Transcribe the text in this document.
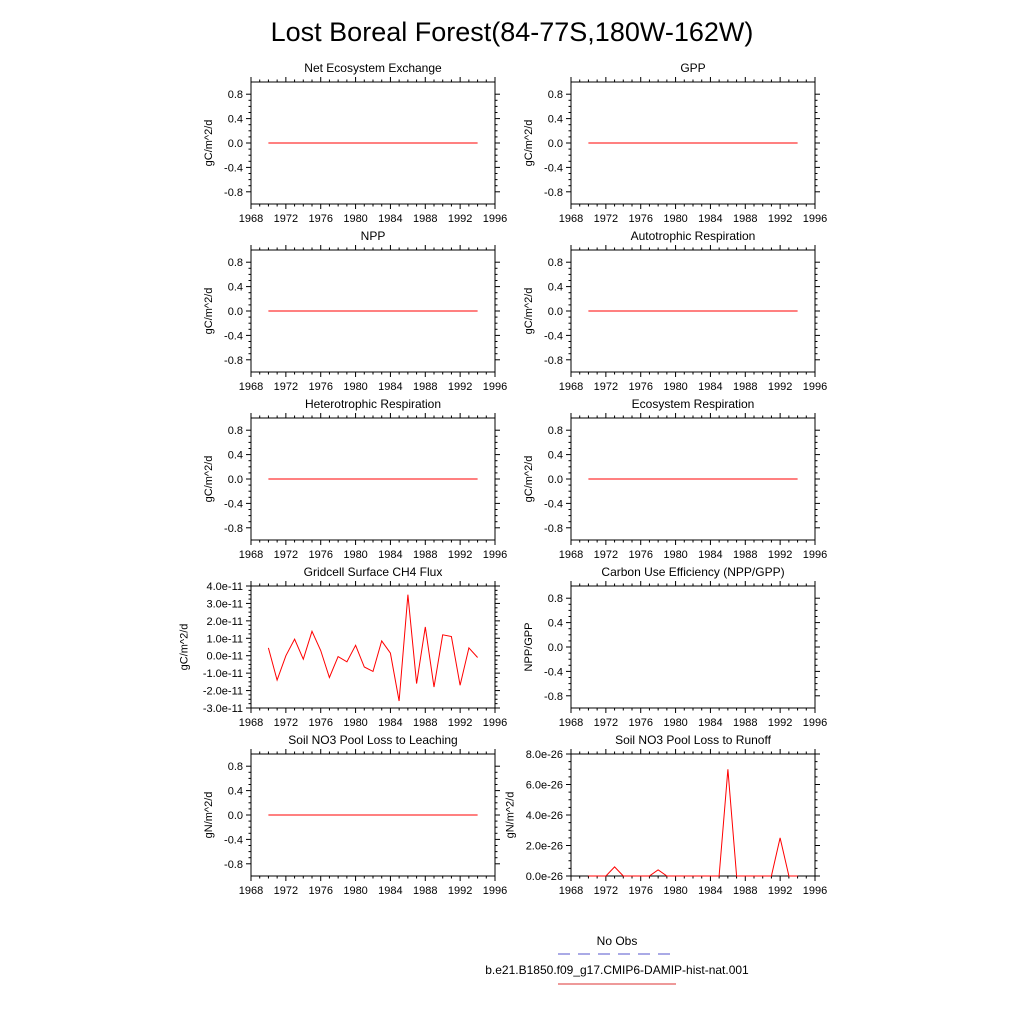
Lost Boreal Forest(84-77S,180W-162W)
Net Ecosystem Exchange
1968 1972 1976 1980 1984 1988 1992 1996
-0.8
-0.4
0.0
0.4
0.8
gC/m^2/d
GPP
1968 1972 1976 1980 1984 1988 1992 1996
-0.8
-0.4
0.0
0.4
0.8
gC/m^2/d
NPP
1968 1972 1976 1980 1984 1988 1992 1996
-0.8
-0.4
0.0
0.4
0.8
gC/m^2/d
Autotrophic Respiration
1968 1972 1976 1980 1984 1988 1992 1996
-0.8
-0.4
0.0
0.4
0.8
gC/m^2/d
Heterotrophic Respiration
1968 1972 1976 1980 1984 1988 1992 1996
-0.8
-0.4
0.0
0.4
0.8
gC/m^2/d
Ecosystem Respiration
1968 1972 1976 1980 1984 1988 1992 1996
-0.8
-0.4
0.0
0.4
0.8
gC/m^2/d
Gridcell Surface CH4 Flux
1968 1972 1976 1980 1984 1988 1992 1996
-3.0e-11
-2.0e-11
-1.0e-11
0.0e-11
1.0e-11
2.0e-11
3.0e-11
4.0e-11
gC/m^2/d
Carbon Use Efficiency (NPP/GPP)
1968 1972 1976 1980 1984 1988 1992 1996
-0.8
-0.4
0.0
0.4
0.8
NPP/GPP
Soil NO3 Pool Loss to Leaching
1968 1972 1976 1980 1984 1988 1992 1996
-0.8
-0.4
0.0
0.4
0.8
gN/m^2/d
Soil NO3 Pool Loss to Runoff
1968 1972 1976 1980 1984 1988 1992 1996
0.0e-26
2.0e-26
4.0e-26
6.0e-26
8.0e-26
gN/m^2/d
No Obs
b.e21.B1850.f09_g17.CMIP6-DAMIP-hist-nat.001
